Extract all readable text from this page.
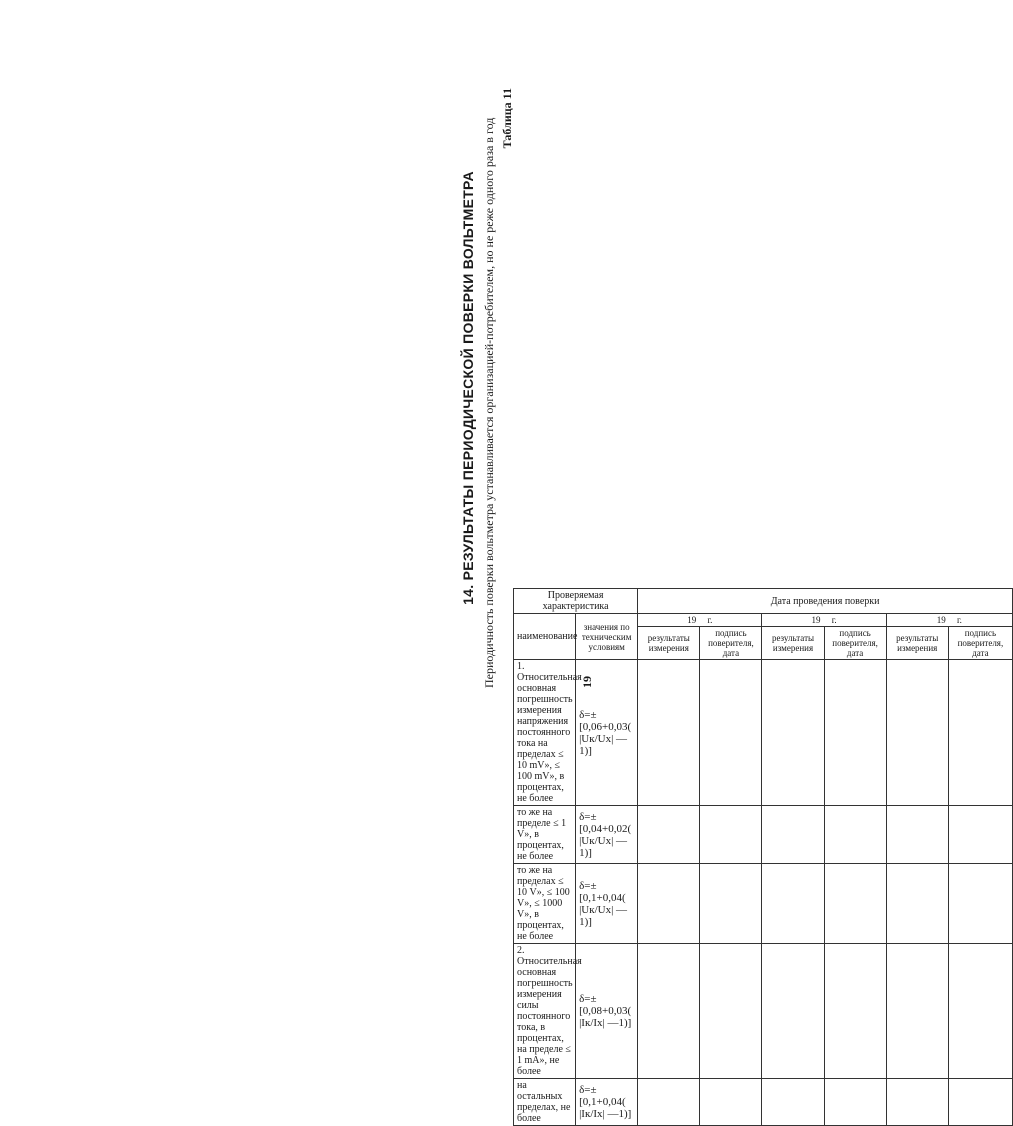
14. РЕЗУЛЬТАТЫ ПЕРИОДИЧЕСКОЙ ПОВЕРКИ ВОЛЬТМЕТРА Периодичность поверки вольтметра устанавливается организацией-потребителем, но не реже одного раза в год Таблица 11
19
Проверяемая характеристика		Дата проведения поверки					
наименование	значения по техническим условиям	19 г.		19 г.		19 г.	
		результаты измерения	подпись поверителя, дата	результаты измерения	подпись поверителя, дата	результаты измерения	подпись поверителя, дата
1. Относительная основная погрешность измерения напряжения постоянного тока на пределах ≤ 10 mV», ≤ 100 mV», в процентах, не более	δ=±[0,06+0,03( |Uк/Uх| —1)]						
то же на пределе ≤ 1 V», в процентах, не более	δ=±[0,04+0,02( |Uк/Uх| —1)]						
то же на пределах ≤ 10 V», ≤ 100 V», ≤ 1000 V», в процентах, не более	δ=±[0,1+0,04( |Uк/Uх| —1)]						
2. Относительная основная погрешность измерения силы постоянного тока, в процентах, на пределе ≤ 1 mA», не более	δ=±[0,08+0,03( |Iк/Iх| —1)]						
на остальных пределах, не более	δ=±[0,1+0,04( |Iк/Iх| —1)]						
